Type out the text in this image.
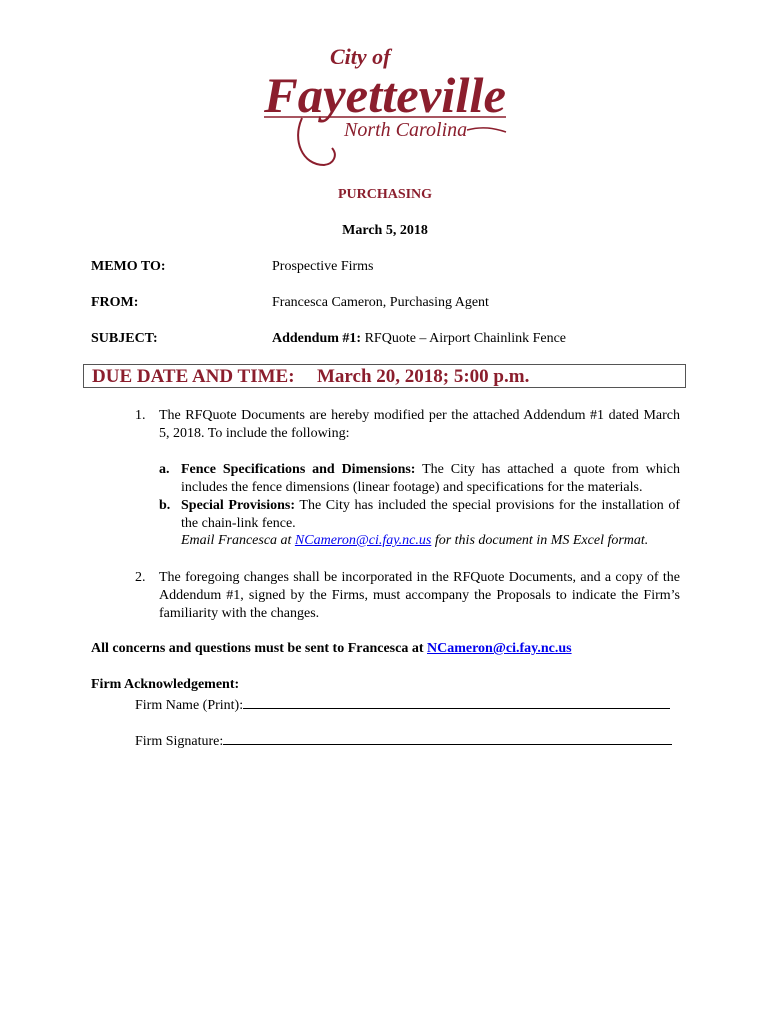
City of
Fayetteville
North Carolina
PURCHASING
March 5, 2018
MEMO TO:	Prospective Firms
FROM:	Francesca Cameron, Purchasing Agent
SUBJECT:	Addendum #1: RFQuote – Airport Chainlink Fence
DUE DATE AND TIME: March 20, 2018; 5:00 p.m.
1. The RFQuote Documents are hereby modified per the attached Addendum #1 dated March 5, 2018. To include the following:
a. Fence Specifications and Dimensions: The City has attached a quote from which includes the fence dimensions (linear footage) and specifications for the materials.
b. Special Provisions: The City has included the special provisions for the installation of the chain-link fence.
Email Francesca at NCameron@ci.fay.nc.us for this document in MS Excel format.
2. The foregoing changes shall be incorporated in the RFQuote Documents, and a copy of the Addendum #1, signed by the Firms, must accompany the Proposals to indicate the Firm’s familiarity with the changes.
All concerns and questions must be sent to Francesca at NCameron@ci.fay.nc.us
Firm Acknowledgement:
Firm Name (Print):
Firm Signature:
